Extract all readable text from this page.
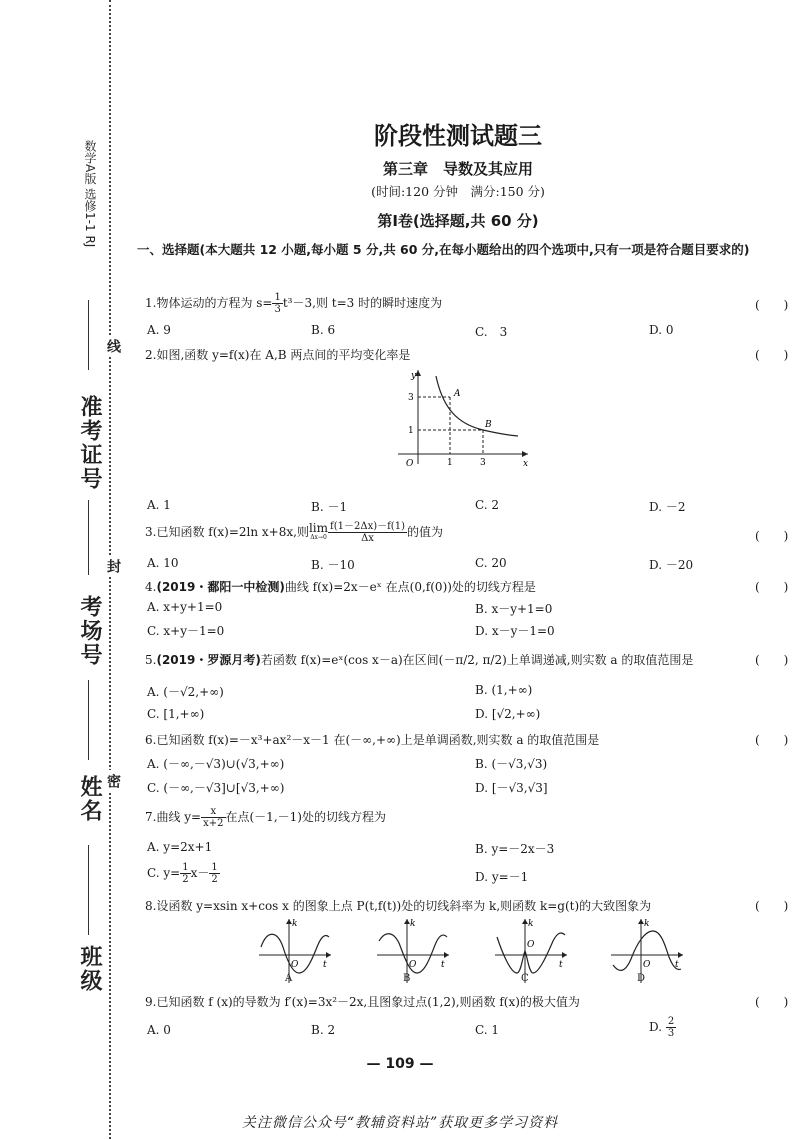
数学A版 选修1-1 RJ
准考证号
考场号
姓名
班级
线
封
密
阶段性测试题三
第三章　导数及其应用
(时间:120 分钟　满分:150 分)
第Ⅰ卷(选择题,共 60 分)
一、选择题(本大题共 12 小题,每小题 5 分,共 60 分,在每小题给出的四个选项中,只有一项是符合题目要求的)
1.物体运动的方程为 $s= \frac{1}{3} t^3-3$,则 t=3 时的瞬时速度为	(　　)
A. 9	B. 6	C.　3	D. 0
2.如图,函数 y=f(x)在 A,B 两点间的平均变化率是	(　　)
y
x
O
3
1
1	3
A
B
A. 1	B. －1	C. 2	D. －2
3.已知函数 f(x)=2ln x+8x,则 lim
$\Delta x\to 0 \frac{f(1-2\Delta x)-f(1)}{\Delta x}$ 的值为	(　　)
A. 10	B. －10	C. 20	D. －20
4.(2019・鄱阳一中检测)曲线 f(x)=2x－eˣ 在点(0,f(0))处的切线方程是	(　　)
A. x+y+1=0	B. x－y+1=0
C. x+y－1=0	D. x－y－1=0
5.(2019・罗源月考)若函数 f(x)=eˣ(cos x－a)在区间(－π/2, π/2)上单调递减,则实数 a 的取值范围是	(　　)
A. (－√2,+∞)	B. (1,+∞)
C. [1,+∞)	D. [√2,+∞)
6.已知函数 f(x)=－x³+ax²－x－1 在(－∞,+∞)上是单调函数,则实数 a 的取值范围是	(　　)
A. (－∞,－√3)∪(√3,+∞)	B. (－√3,√3)
C. (－∞,－√3]∪[√3,+∞)	D. [－√3,√3]
7.曲线 $y= \frac{x}{x+2}$ 在点(－1,－1)处的切线方程为
A. y=2x+1	B. y=－2x－3
C. $y= \frac{1}{2} x- \frac{1}{2}$	D. y=－1
8.设函数 y=xsin x+cos x 的图象上点 P(t,f(t))处的切线斜率为 k,则函数 k=g(t)的大致图象为	(　　)
k
t
O
A
k
t
O
B
k
t
O
C
k
t
O
D
9.已知函数 f (x)的导数为 f′(x)=3x²－2x,且图象过点(1,2),则函数 f(x)的极大值为	(　　)
A. 0	B. 2	C. 1	D. $\frac{2}{3}$
— 109 —
关注微信公众号“教辅资料站”获取更多学习资料
